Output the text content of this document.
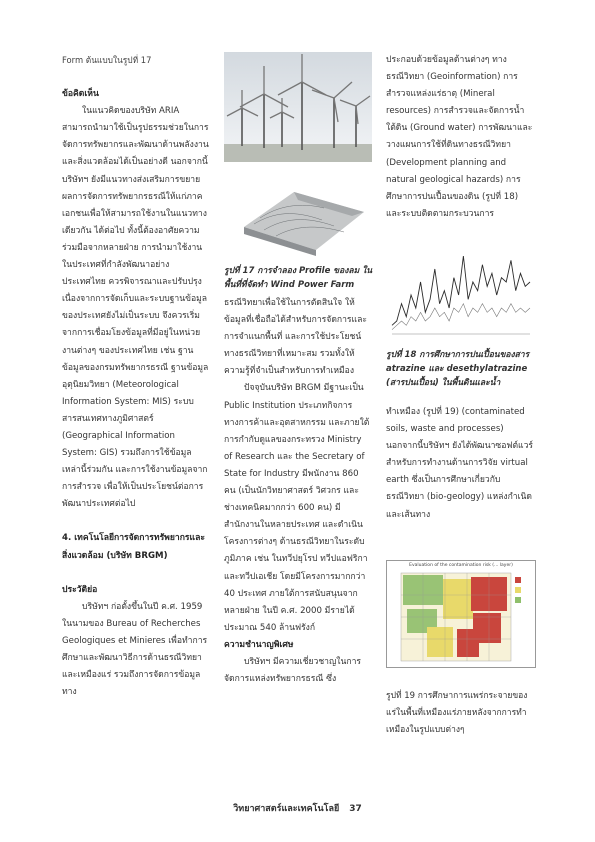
Form ต้นแบบในรูปที่ 17

ข้อคิดเห็น

ในแนวคิดของบริษัท ARIA สามารถนำมาใช้เป็นรูปธรรมช่วยในการจัดการทรัพยากรและพัฒนาด้านพลังงาน และสิ่งแวดล้อมได้เป็นอย่างดี นอกจากนี้บริษัทฯ ยังมีแนวทางส่งเสริมการขยายผลการจัดการทรัพยากรธรณีให้แก่ภาคเอกชนเพื่อให้สามารถใช้งานในแนวทางเดียวกัน ได้ต่อไป ทั้งนี้ต้องอาศัยความร่วมมือจากหลายฝ่าย การนำมาใช้งานในประเทศที่กำลังพัฒนาอย่างประเทศไทย ควรพิจารณาและปรับปรุง เนื่องจากการจัดเก็บและระบบฐานข้อมูลของประเทศยังไม่เป็นระบบ จึงควรเริ่มจากการเชื่อมโยงข้อมูลที่มีอยู่ในหน่วยงานต่างๆ ของประเทศไทย เช่น ฐานข้อมูลของกรมทรัพยากรธรณี ฐานข้อมูลอุตุนิยมวิทยา (Meteorological Information System: MIS) ระบบสารสนเทศทางภูมิศาสตร์ (Geographical Information System: GIS) รวมถึงการใช้ข้อมูลเหล่านี้ร่วมกัน และการใช้งานข้อมูลจากการสำรวจ เพื่อให้เป็นประโยชน์ต่อการพัฒนาประเทศต่อไป

4. เทคโนโลยีการจัดการทรัพยากรและสิ่งแวดล้อม (บริษัท BRGM)

ประวัติย่อ

บริษัทฯ ก่อตั้งขึ้นในปี ค.ศ. 1959 ในนามของ Bureau of Recherches Geologiques et Minieres เพื่อทำการศึกษาและพัฒนาวิธีการด้านธรณีวิทยาและเหมืองแร่ รวมถึงการจัดการข้อมูลทาง

รูปที่ 17 การจำลอง Profile ของลม ในพื้นที่ที่จัดทำ Wind Power Farm

ธรณีวิทยาเพื่อใช้ในการตัดสินใจ ให้ข้อมูลที่เชื่อถือได้สำหรับการจัดการและการจำแนกพื้นที่ และการใช้ประโยชน์ทางธรณีวิทยาที่เหมาะสม รวมทั้งให้ความรู้ที่จำเป็นสำหรับการทำเหมือง

ปัจจุบันบริษัท BRGM มีฐานะเป็น Public Institution ประเภทกิจการทางการค้าและอุตสาหกรรม และภายใต้การกำกับดูแลของกระทรวง Ministry of Research และ the Secretary of State for Industry มีพนักงาน 860 คน (เป็นนักวิทยาศาสตร์ วิศวกร และช่างเทคนิคมากกว่า 600 คน) มีสำนักงานในหลายประเทศ และดำเนินโครงการต่างๆ ด้านธรณีวิทยาในระดับภูมิภาค เช่น ในทวีปยุโรป ทวีปแอฟริกา และทวีปเอเชีย โดยมีโครงการมากกว่า 40 ประเทศ ภายใต้การสนับสนุนจากหลายฝ่าย ในปี ค.ศ. 2000 มีรายได้ประมาณ 540 ล้านฟรังก์

ความชำนาญพิเศษ

บริษัทฯ มีความเชี่ยวชาญในการจัดการแหล่งทรัพยากรธรณี ซึ่ง

ประกอบด้วยข้อมูลด้านต่างๆ ทางธรณีวิทยา (Geoinformation) การสำรวจแหล่งแร่ธาตุ (Mineral resources) การสำรวจและจัดการน้ำใต้ดิน (Ground water) การพัฒนาและวางแผนการใช้ที่ดินทางธรณีวิทยา (Development planning and natural geological hazards) การศึกษาการปนเปื้อนของดิน (รูปที่ 18) และระบบติดตามกระบวนการ

รูปที่ 18 การศึกษาการปนเปื้อนของสาร atrazine และ desethylatrazine (สารปนเปื้อน) ในพื้นดินและน้ำ

ทำเหมือง (รูปที่ 19) (contaminated soils, waste and processes) นอกจากนี้บริษัทฯ ยังได้พัฒนาซอฟต์แวร์สำหรับการทำงานด้านการวิจัย virtual earth ซึ่งเป็นการศึกษาเกี่ยวกับธรณีวิทยา (bio-geology) แหล่งกำเนิดและเส้นทาง

Evaluation of the contamination risk (... layer)

รูปที่ 19 การศึกษาการแพร่กระจายของแร่ในพื้นที่เหมืองแร่ภายหลังจากการทำเหมืองในรูปแบบต่างๆ

วิทยาศาสตร์และเทคโนโลยี 37
